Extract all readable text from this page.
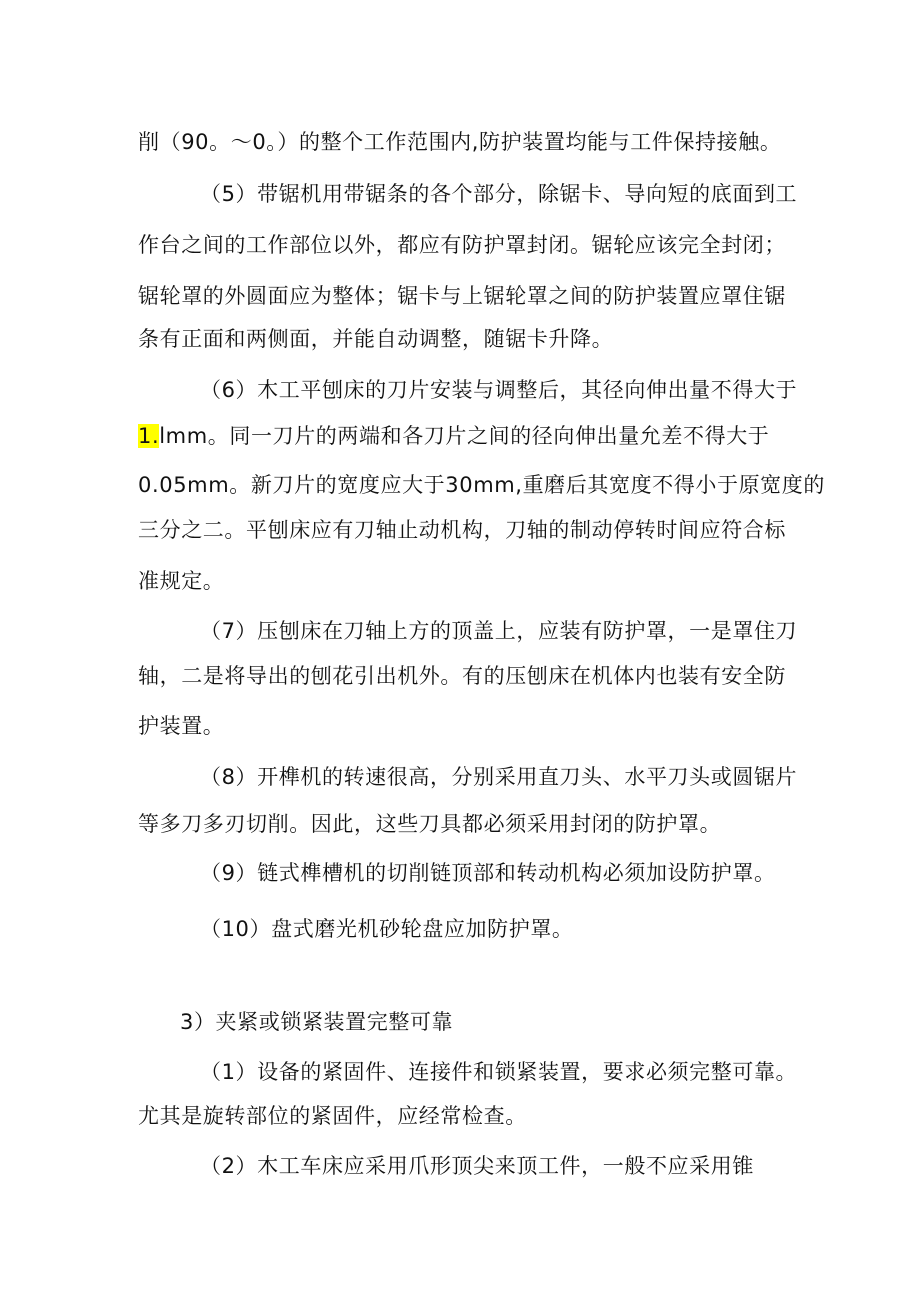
削（90。～0。）的整个工作范围内,防护装置均能与工件保持接触。
（5）带锯机用带锯条的各个部分，除锯卡、导向短的底面到工
作台之间的工作部位以外，都应有防护罩封闭。锯轮应该完全封闭；
锯轮罩的外圆面应为整体；锯卡与上锯轮罩之间的防护装置应罩住锯
条有正面和两侧面，并能自动调整，随锯卡升降。
（6）木工平刨床的刀片安装与调整后，其径向伸出量不得大于
1.lmm。同一刀片的两端和各刀片之间的径向伸出量允差不得大于
0.05mm。新刀片的宽度应大于30mm,重磨后其宽度不得小于原宽度的
三分之二。平刨床应有刀轴止动机构，刀轴的制动停转时间应符合标
准规定。
（7）压刨床在刀轴上方的顶盖上，应装有防护罩，一是罩住刀
轴，二是将导出的刨花引出机外。有的压刨床在机体内也装有安全防
护装置。
（8）开榫机的转速很高，分别采用直刀头、水平刀头或圆锯片
等多刀多刃切削。因此，这些刀具都必须采用封闭的防护罩。
（9）链式榫槽机的切削链顶部和转动机构必须加设防护罩。
（10）盘式磨光机砂轮盘应加防护罩。
3）夹紧或锁紧装置完整可靠
（1）设备的紧固件、连接件和锁紧装置，要求必须完整可靠。
尤其是旋转部位的紧固件，应经常检查。
（2）木工车床应采用爪形顶尖来顶工件，一般不应采用锥
